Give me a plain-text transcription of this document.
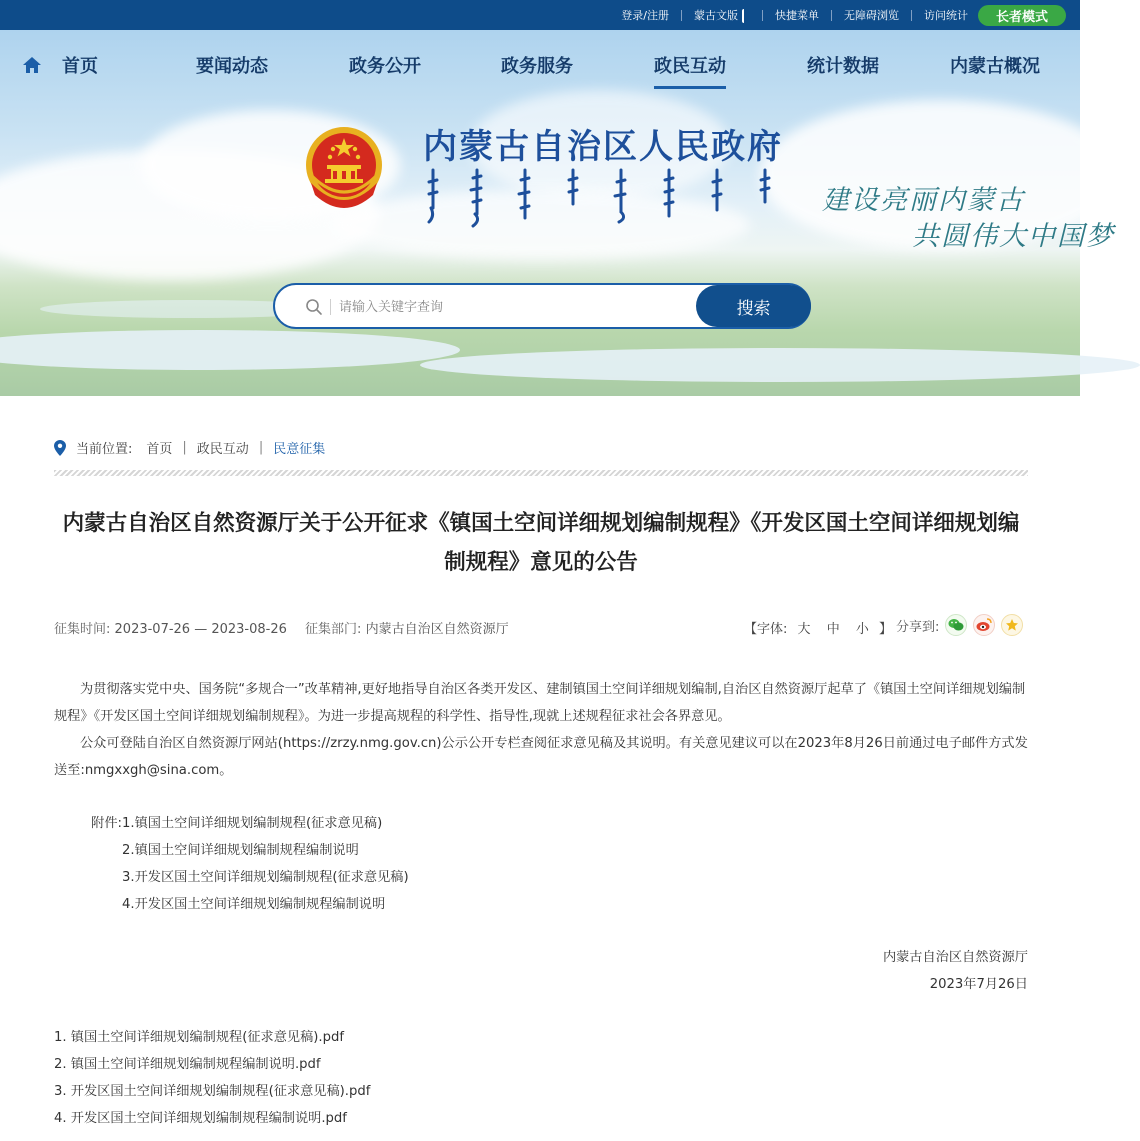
登录/注册	蒙古文版	快捷菜单	无障碍浏览	访问统计	长者模式
首页	要闻动态	政务公开	政务服务	政民互动	统计数据	内蒙古概况
内蒙古自治区人民政府
建设亮丽内蒙古
共圆伟大中国梦
请输入关键字查询
搜索
当前位置: 首页 | 政民互动 | 民意征集
内蒙古自治区自然资源厅关于公开征求《镇国土空间详细规划编制规程》《开发区国土空间详细规划编制规程》意见的公告
征集时间: 2023-07-26 — 2023-08-26 征集部门: 内蒙古自治区自然资源厅	【字体: 大 中 小 】 分享到:

为贯彻落实党中央、国务院“多规合一”改革精神,更好地指导自治区各类开发区、建制镇国土空间详细规划编制,自治区自然资源厅起草了《镇国土空间详细规划编制规程》《开发区国土空间详细规划编制规程》。为进一步提高规程的科学性、指导性,现就上述规程征求社会各界意见。

公众可登陆自治区自然资源厅网站(https://zrzy.nmg.gov.cn)公示公开专栏查阅征求意见稿及其说明。有关意见建议可以在2023年8月26日前通过电子邮件方式发送至:nmgxxgh@sina.com。

附件:1.镇国土空间详细规划编制规程(征求意见稿)
2.镇国土空间详细规划编制规程编制说明
3.开发区国土空间详细规划编制规程(征求意见稿)
4.开发区国土空间详细规划编制规程编制说明
内蒙古自治区自然资源厅
2023年7月26日
1. 镇国土空间详细规划编制规程(征求意见稿).pdf
2. 镇国土空间详细规划编制规程编制说明.pdf
3. 开发区国土空间详细规划编制规程(征求意见稿).pdf
4. 开发区国土空间详细规划编制规程编制说明.pdf
